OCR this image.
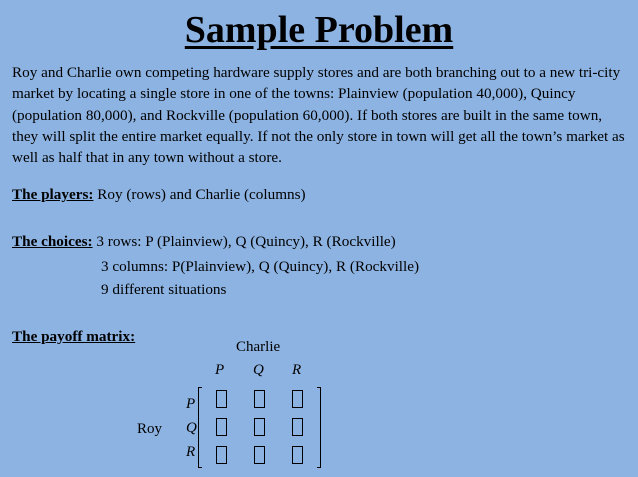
Sample Problem

Roy and Charlie own competing hardware supply stores and are both branching out to a new tri-city market by locating a single store in one of the towns: Plainview (population 40,000), Quincy (population 80,000), and Rockville (population 60,000). If both stores are built in the same town, they will split the entire market equally. If not the only store in town will get all the town’s market as well as half that in any town without a store.

The players: Roy (rows) and Charlie (columns)
The choices: 3 rows: P (Plainview), Q (Quincy), R (Rockville)
3 columns: P(Plainview), Q (Quincy), R (Rockville)
9 different situations
The payoff matrix:
Charlie
P Q R
Roy
P
Q
R
